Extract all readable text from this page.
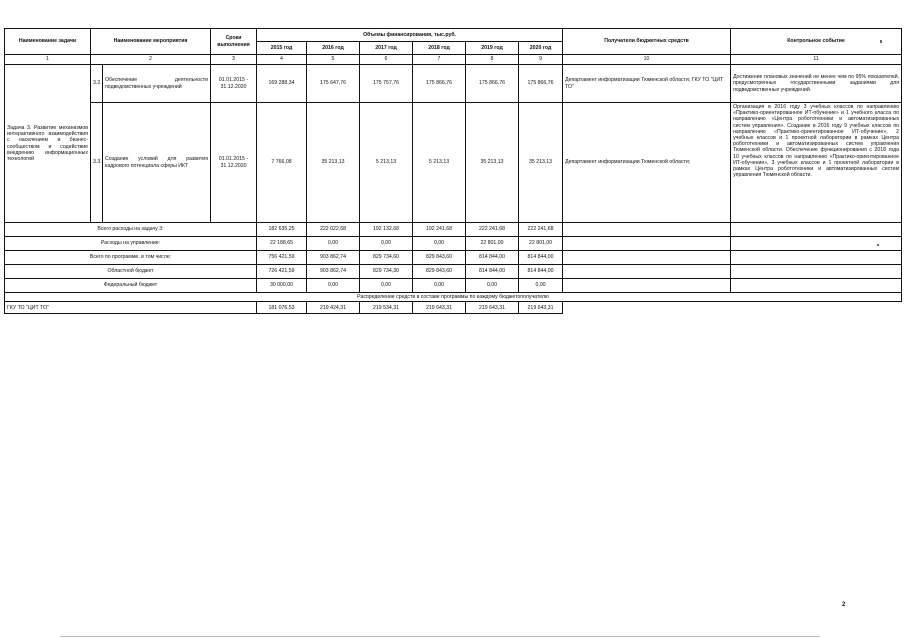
Наименование задачи	Наименование мероприятия		Сроки выполнения	Объемы финансирования, тыс.руб.						Получатели бюджетных средств	Контрольное событие
				2015 год	2016 год	2017 год	2018 год	2019 год	2020 год		
1	2		3	4	5	6	7	8	9	10	11
Задача 3. Развитие механизмов интерактивного взаимодействия с населением и бизнес-сообществом и содействие внедрению информационных технологий	3.2.	Обеспечение деятельности подведомственных учреждений	01.01.2015 - 31.12.2020	169 288,34	175 647,76	175 757,76	175 866,76	175 866,76	175 866,76	Департамент информатизации Тюменской области; ГКУ ТО "ЦИТ ТО"	Достижение плановых значений не менее чем по 95% показателей, предусмотренных государственными заданиями для подведомственных учреждений.
	3.3.	Создание условий для развития кадрового потенциала сферы ИКТ	01.01.2015 - 31.12.2020	7 766,08	35 213,13	5 213,13	5 213,13	35 213,13	35 213,13	Департамент информатизации Тюменской области;	Организация в 2016 году 3 учебных классов по направлению «Практико-ориентированное ИТ-обучение» и 1 учебного класса по направлению «Центра робототехники и автоматизированных систем управления». Создание в 2016 году 9 учебных классов по направлению «Практико-ориентированное ИТ-обучение», 2 учебных классов и 1 проектной лаборатории в рамках Центра робототехники и автоматизированных систем управления Тюменской области. Обеспечение функционирования с 2018 года 10 учебных классов по направлению «Практико-ориентированное ИТ-обучение», 3 учебных классов и 1 проектной лаборатории в рамках Центра робототехники и автоматизированных систем управления Тюменской области.
Всего расходы на задачу 3:				182 635,25	222 022,68	192 132,68	192 241,68	222 241,68	222 241,68		
Расходы на управление:				22 188,65	0,00	0,00	0,00	22 801,00	22 801,00		
Всего по программе, в том числе:				756 421,59	903 862,74	829 734,60	829 843,60	814 844,00	814 844,00		
Областной бюджет				726 421,59	903 862,74	829 734,30	829 843,60	814 844,00	814 844,00		
Федеральный бюджет				30 000,00	0,00	0,00	0,00	0,00	0,00		
Распределение средств в составе программы по каждому бюджетополучателю											
ГКУ ТО "ЦИТ ТО"				181 076,53	219 424,31	219 534,31	219 643,31	219 643,31	219 643,31		
2
